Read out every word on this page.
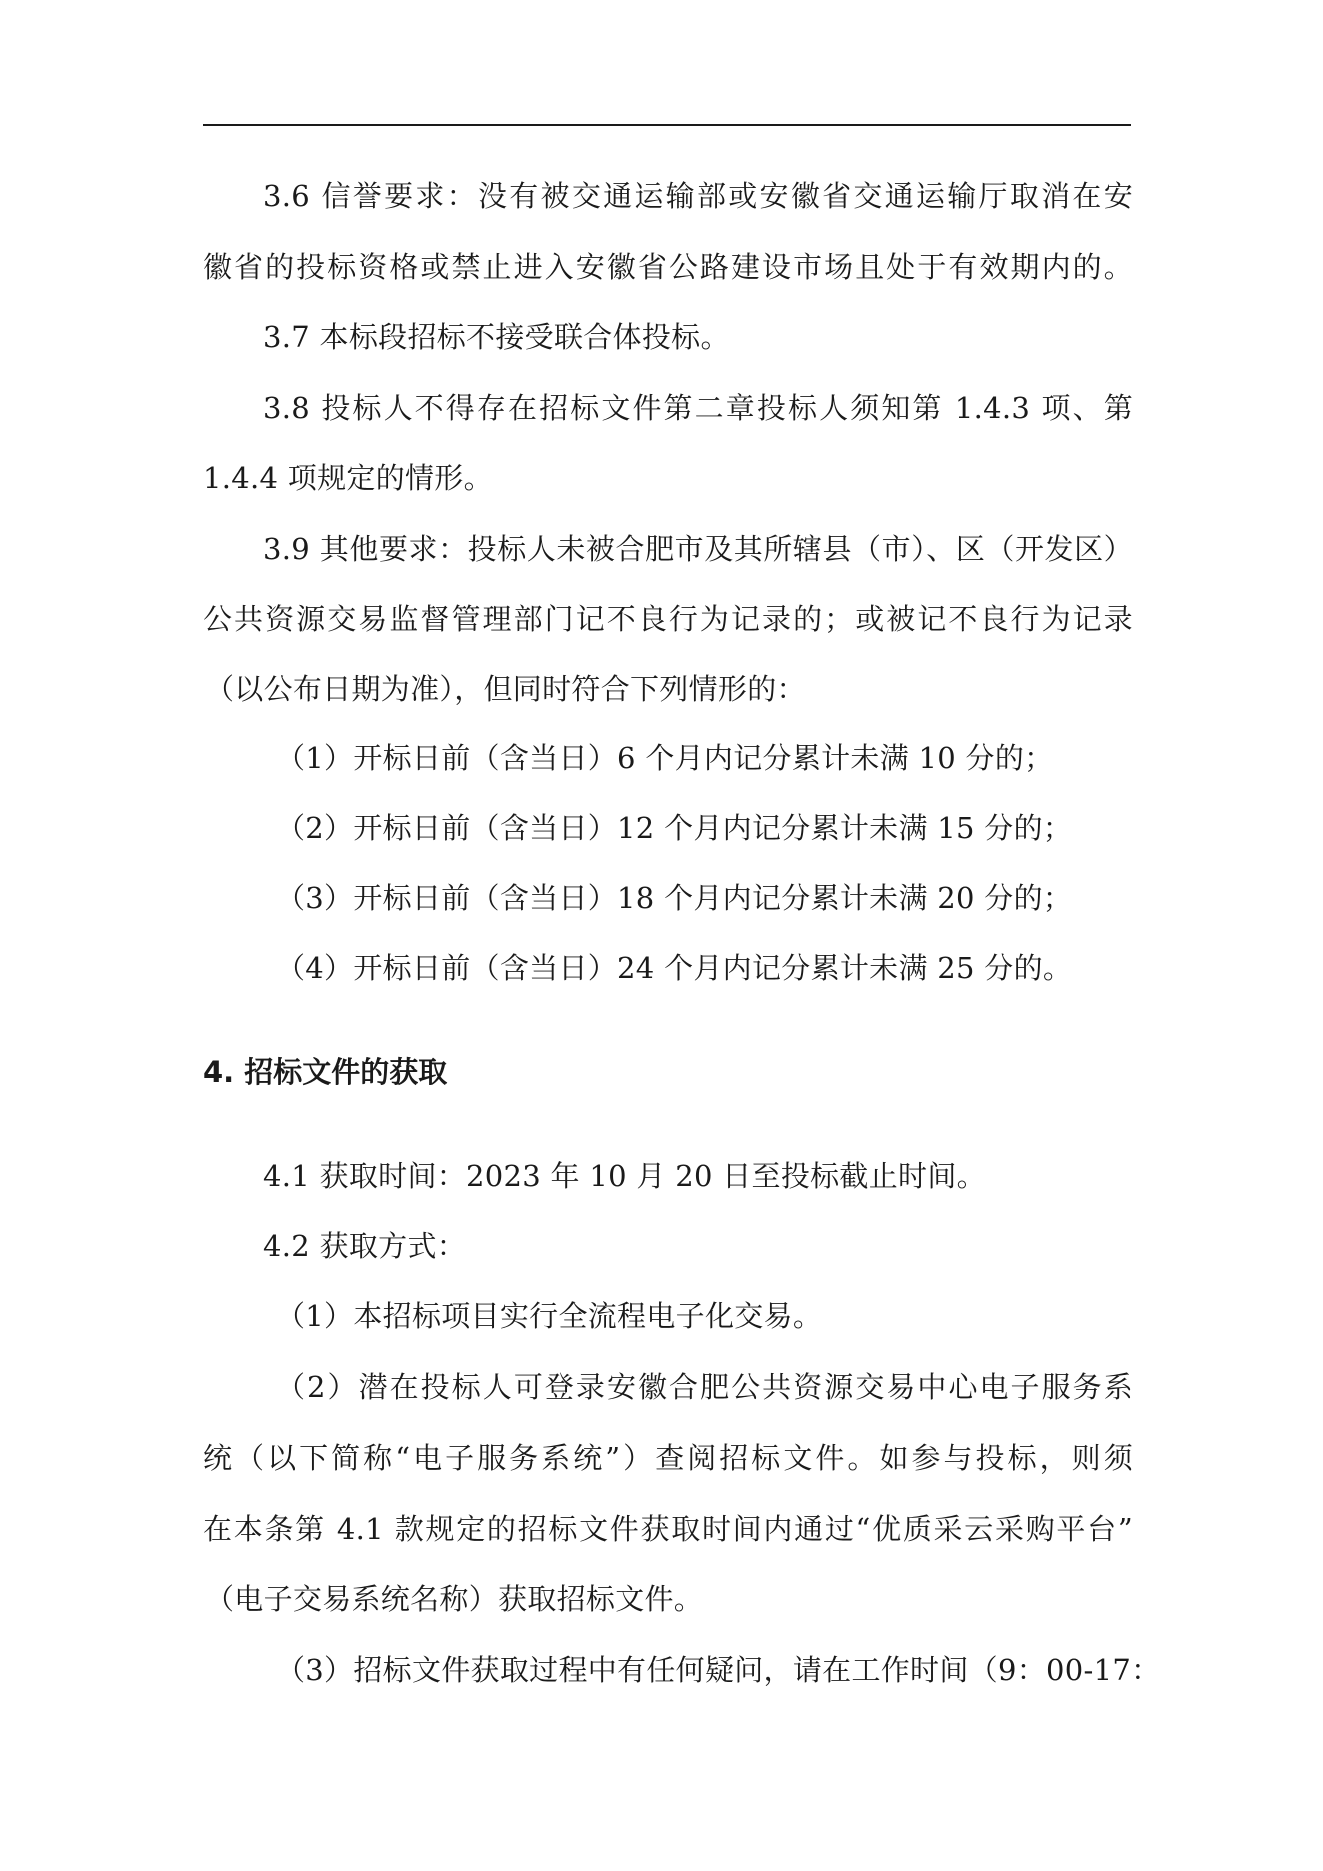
3.6 信誉要求：没有被交通运输部或安徽省交通运输厅取消在安
徽省的投标资格或禁止进入安徽省公路建设市场且处于有效期内的。
3.7 本标段招标不接受联合体投标。
3.8 投标人不得存在招标文件第二章投标人须知第 1.4.3 项、第
1.4.4 项规定的情形。
3.9 其他要求：投标人未被合肥市及其所辖县（市）、区（开发区）
公共资源交易监督管理部门记不良行为记录的；或被记不良行为记录
（以公布日期为准），但同时符合下列情形的：
（1）开标日前（含当日）6 个月内记分累计未满 10 分的；
（2）开标日前（含当日）12 个月内记分累计未满 15 分的；
（3）开标日前（含当日）18 个月内记分累计未满 20 分的；
（4）开标日前（含当日）24 个月内记分累计未满 25 分的。
4. 招标文件的获取
4.1 获取时间：2023 年 10 月 20 日至投标截止时间。
4.2 获取方式：
（1）本招标项目实行全流程电子化交易。
（2）潜在投标人可登录安徽合肥公共资源交易中心电子服务系
统（以下简称“电子服务系统”）查阅招标文件。如参与投标，则须
在本条第 4.1 款规定的招标文件获取时间内通过“优质采云采购平台”
（电子交易系统名称）获取招标文件。
（3）招标文件获取过程中有任何疑问，请在工作时间（9：00-17：
